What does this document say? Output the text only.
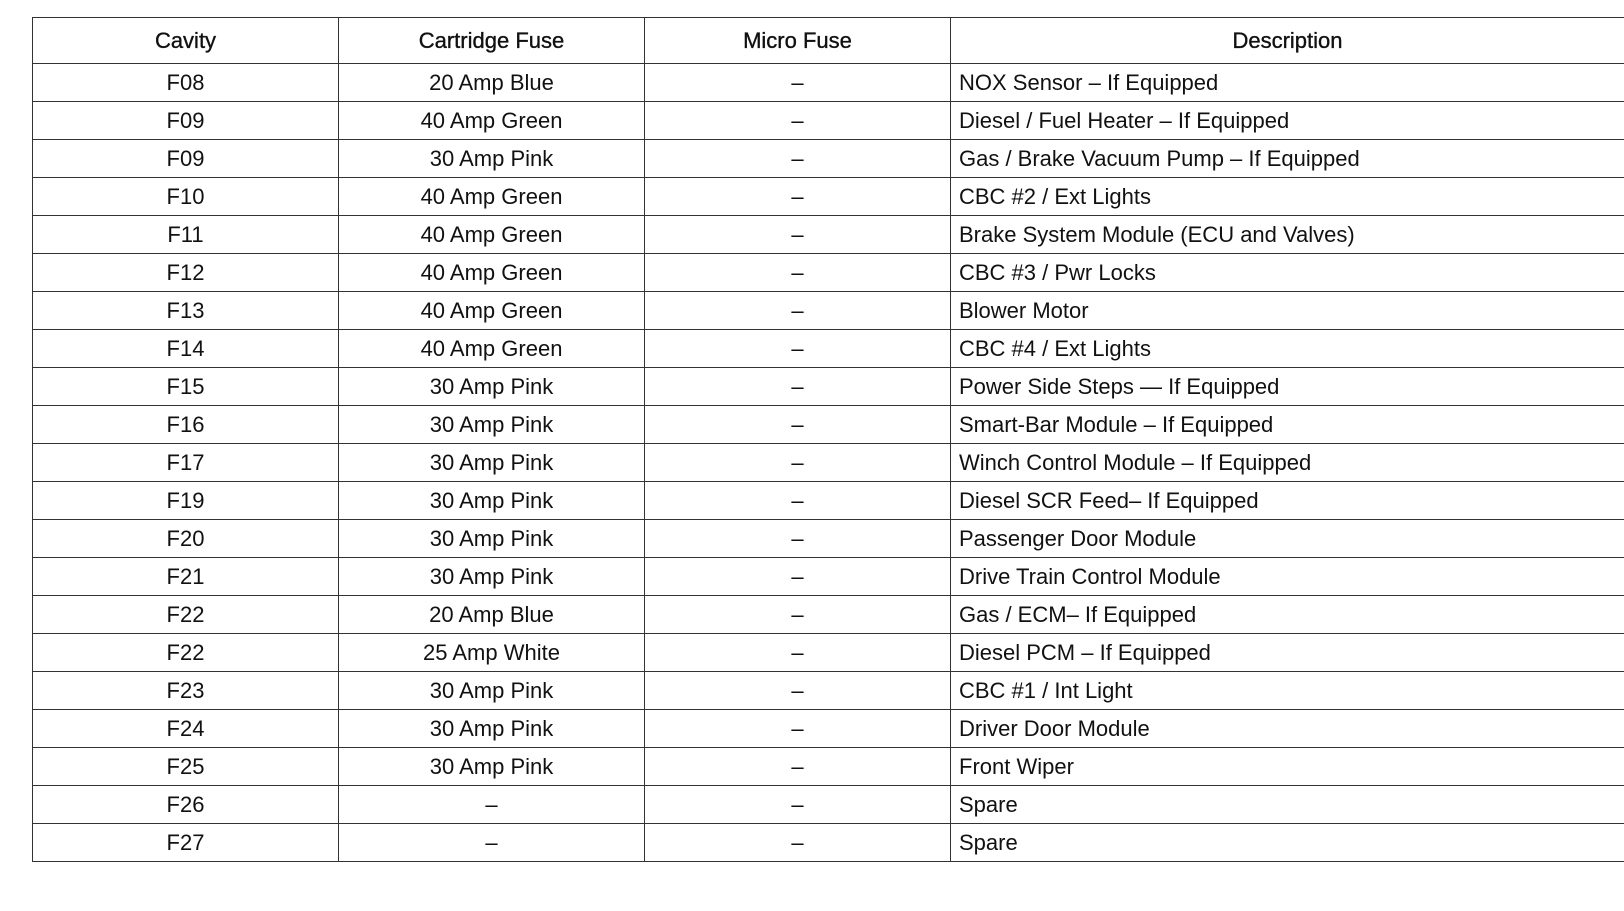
Cavity	Cartridge Fuse	Micro Fuse	Description
F08	20 Amp Blue	–	NOX Sensor – If Equipped
F09	40 Amp Green	–	Diesel / Fuel Heater – If Equipped
F09	30 Amp Pink	–	Gas / Brake Vacuum Pump – If Equipped
F10	40 Amp Green	–	CBC #2 / Ext Lights
F11	40 Amp Green	–	Brake System Module (ECU and Valves)
F12	40 Amp Green	–	CBC #3 / Pwr Locks
F13	40 Amp Green	–	Blower Motor
F14	40 Amp Green	–	CBC #4 / Ext Lights
F15	30 Amp Pink	–	Power Side Steps — If Equipped
F16	30 Amp Pink	–	Smart-Bar Module – If Equipped
F17	30 Amp Pink	–	Winch Control Module – If Equipped
F19	30 Amp Pink	–	Diesel SCR Feed– If Equipped
F20	30 Amp Pink	–	Passenger Door Module
F21	30 Amp Pink	–	Drive Train Control Module
F22	20 Amp Blue	–	Gas / ECM– If Equipped
F22	25 Amp White	–	Diesel PCM – If Equipped
F23	30 Amp Pink	–	CBC #1 / Int Light
F24	30 Amp Pink	–	Driver Door Module
F25	30 Amp Pink	–	Front Wiper
F26	–	–	Spare
F27	–	–	Spare
